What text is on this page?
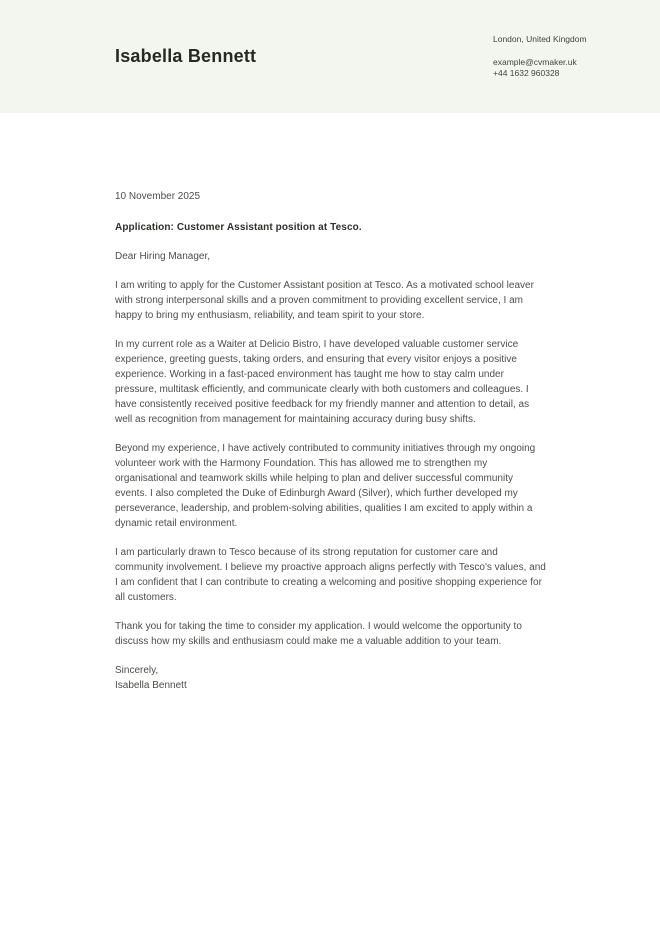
Isabella Bennett
London, United Kingdom
example@cvmaker.uk
+44 1632 960328

10 November 2025

Application: Customer Assistant position at Tesco.

Dear Hiring Manager,

I am writing to apply for the Customer Assistant position at Tesco. As a motivated school leaver with strong interpersonal skills and a proven commitment to providing excellent service, I am happy to bring my enthusiasm, reliability, and team spirit to your store.

In my current role as a Waiter at Delicio Bistro, I have developed valuable customer service experience, greeting guests, taking orders, and ensuring that every visitor enjoys a positive experience. Working in a fast-paced environment has taught me how to stay calm under pressure, multitask efficiently, and communicate clearly with both customers and colleagues. I have consistently received positive feedback for my friendly manner and attention to detail, as well as recognition from management for maintaining accuracy during busy shifts.

Beyond my experience, I have actively contributed to community initiatives through my ongoing volunteer work with the Harmony Foundation. This has allowed me to strengthen my organisational and teamwork skills while helping to plan and deliver successful community events. I also completed the Duke of Edinburgh Award (Silver), which further developed my perseverance, leadership, and problem-solving abilities, qualities I am excited to apply within a dynamic retail environment.

I am particularly drawn to Tesco because of its strong reputation for customer care and community involvement. I believe my proactive approach aligns perfectly with Tesco's values, and I am confident that I can contribute to creating a welcoming and positive shopping experience for all customers.

Thank you for taking the time to consider my application. I would welcome the opportunity to discuss how my skills and enthusiasm could make me a valuable addition to your team.

Sincerely,
Isabella Bennett
